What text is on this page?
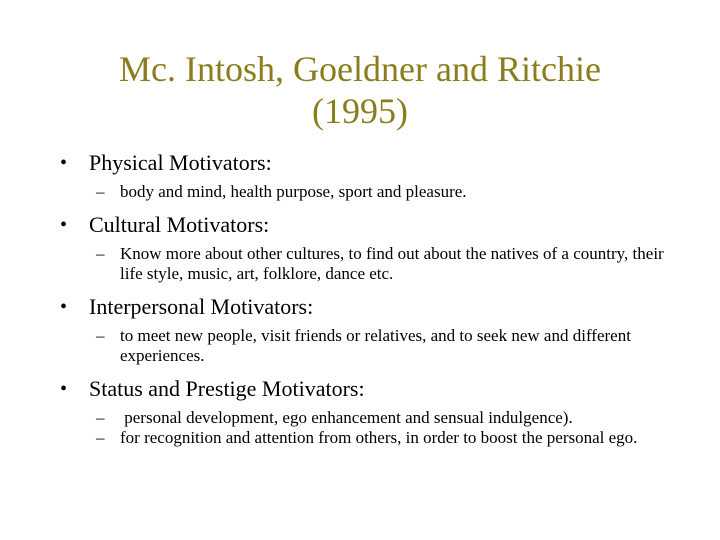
Mc. Intosh, Goeldner and Ritchie
(1995)

• Physical Motivators:

– body and mind, health purpose, sport and pleasure.

• Cultural Motivators:

– Know more about other cultures, to find out about the natives of a country, their life style, music, art, folklore, dance etc.

• Interpersonal Motivators:

– to meet new people, visit friends or relatives, and to seek new and different experiences.

• Status and Prestige Motivators:

– personal development, ego enhancement and sensual indulgence).
– for recognition and attention from others, in order to boost the personal ego.
